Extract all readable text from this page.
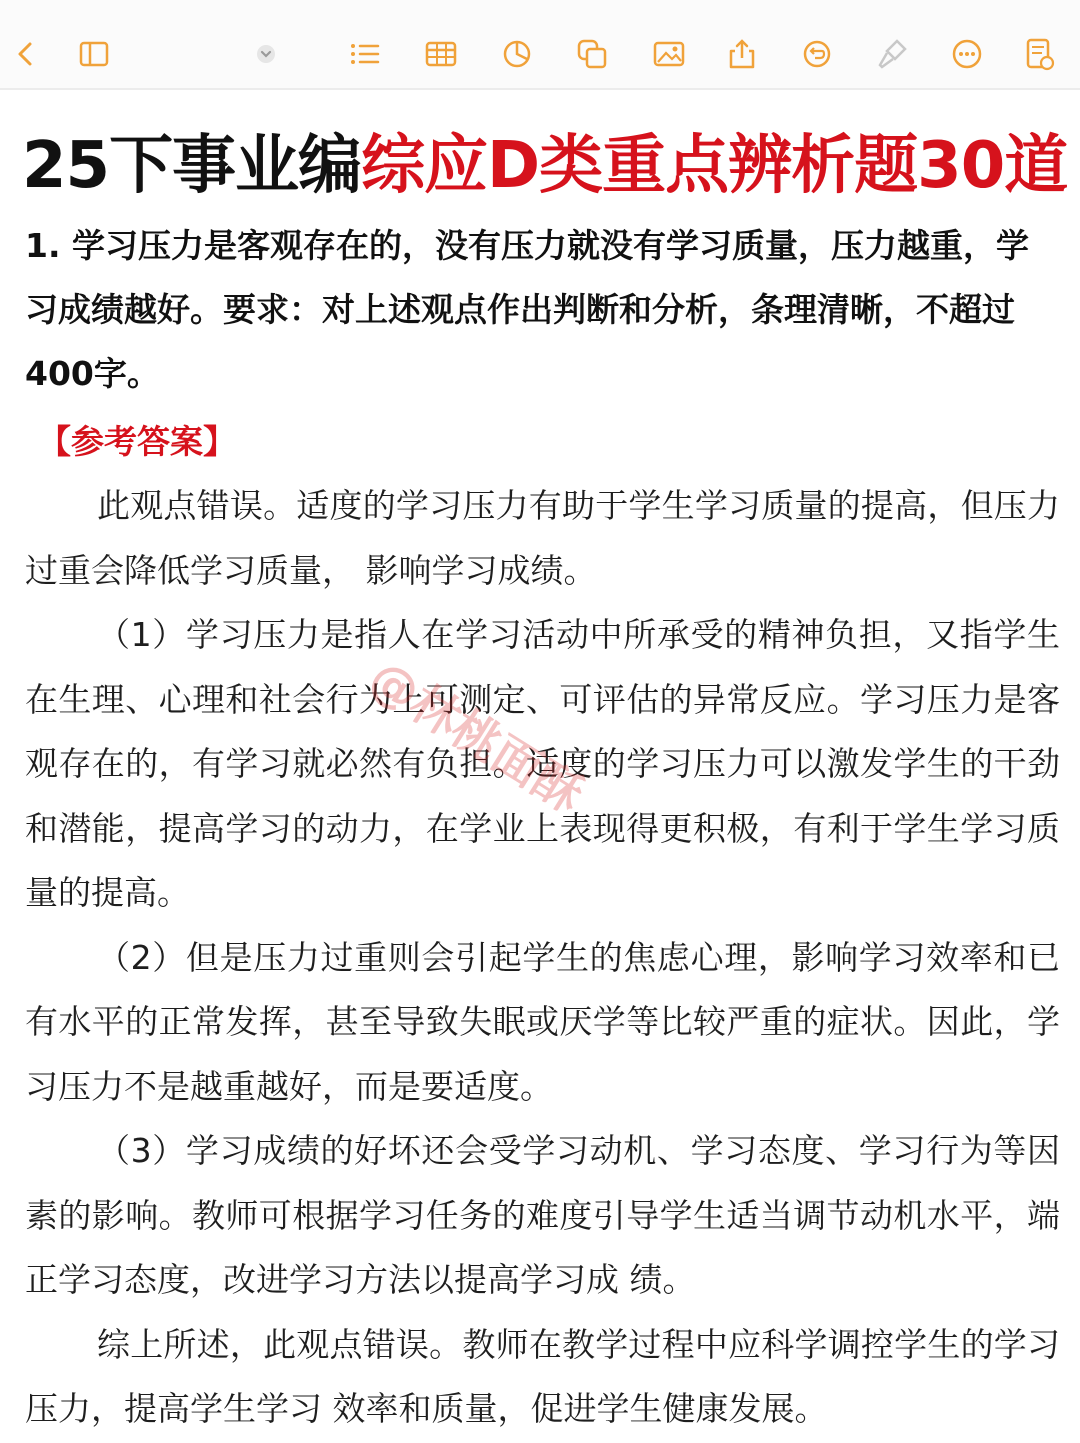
25下事业编综应D类重点辨析题30道
1. 学习压力是客观存在的，没有压力就没有学习质量，压力越重，学习成绩越好。要求：对上述观点作出判断和分析，条理清晰，不超过400字。
【参考答案】

此观点错误。适度的学习压力有助于学生学习质量的提高，但压力过重会降低学习质量， 影响学习成绩。

（1）学习压力是指人在学习活动中所承受的精神负担，又指学生在生理、心理和社会行为上可测定、可评估的异常反应。学习压力是客观存在的，有学习就必然有负担。适度的学习压力可以激发学生的干劲和潜能，提高学习的动力，在学业上表现得更积极，有利于学生学习质量的提高。

（2）但是压力过重则会引起学生的焦虑心理，影响学习效率和已有水平的正常发挥，甚至导致失眠或厌学等比较严重的症状。因此，学习压力不是越重越好，而是要适度。

（3）学习成绩的好坏还会受学习动机、学习态度、学习行为等因素的影响。教师可根据学习任务的难度引导学生适当调节动机水平，端正学习态度，改进学习方法以提高学习成 绩。

综上所述，此观点错误。教师在教学过程中应科学调控学生的学习压力，提高学生学习 效率和质量，促进学生健康发展。

@林桃面酥
